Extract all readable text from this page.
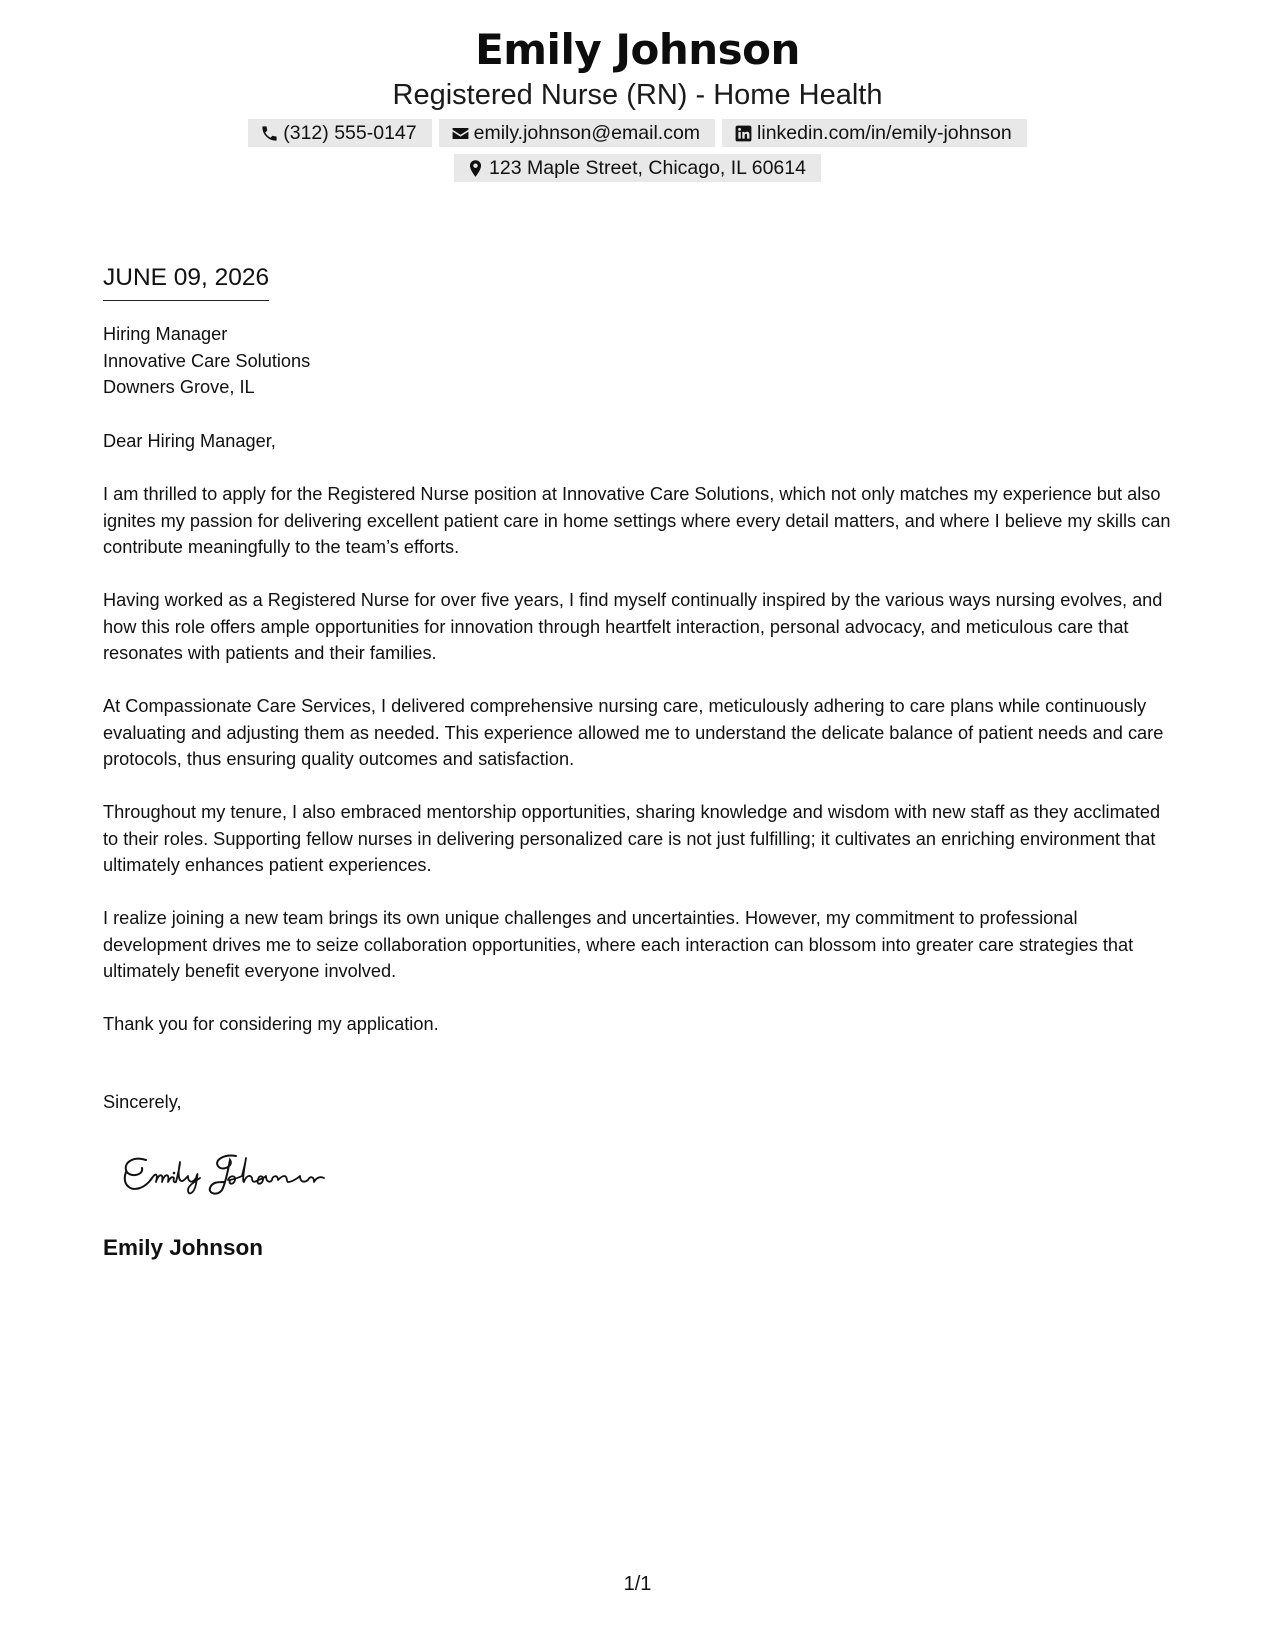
Emily Johnson
Registered Nurse (RN) - Home Health
(312) 555-0147	emily.johnson@email.com	linkedin.com/in/emily-johnson
123 Maple Street, Chicago, IL 60614
JUNE 09, 2026
Hiring Manager
Innovative Care Solutions
Downers Grove, IL

Dear Hiring Manager,

I am thrilled to apply for the Registered Nurse position at Innovative Care Solutions, which not only matches my experience but also ignites my passion for delivering excellent patient care in home settings where every detail matters, and where I believe my skills can contribute meaningfully to the team’s efforts.

Having worked as a Registered Nurse for over five years, I find myself continually inspired by the various ways nursing evolves, and how this role offers ample opportunities for innovation through heartfelt interaction, personal advocacy, and meticulous care that resonates with patients and their families.

At Compassionate Care Services, I delivered comprehensive nursing care, meticulously adhering to care plans while continuously evaluating and adjusting them as needed. This experience allowed me to understand the delicate balance of patient needs and care protocols, thus ensuring quality outcomes and satisfaction.

Throughout my tenure, I also embraced mentorship opportunities, sharing knowledge and wisdom with new staff as they acclimated to their roles. Supporting fellow nurses in delivering personalized care is not just fulfilling; it cultivates an enriching environment that ultimately enhances patient experiences.

I realize joining a new team brings its own unique challenges and uncertainties. However, my commitment to professional development drives me to seize collaboration opportunities, where each interaction can blossom into greater care strategies that ultimately benefit everyone involved.

Thank you for considering my application.

Sincerely,
Emily Johnson
1/1
